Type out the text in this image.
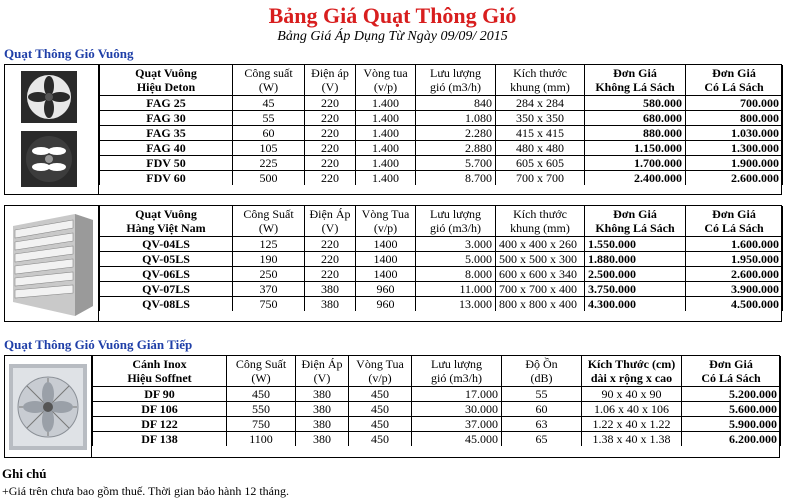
Bảng Giá Quạt Thông Gió
Bảng Giá Áp Dụng Từ Ngày 09/09/ 2015
Quạt Thông Gió Vuông
Quạt Vuông	Công suất	Điện áp	Vòng tua	Lưu lượng	Kích thước	Đơn Giá	Đơn Giá
Hiệu Deton	(W)	(V)	(v/p)	gió (m3/h)	khung (mm)	Không Lá Sách	Có Lá Sách
FAG 25	45	220	1.400	840	284 x 284	580.000	700.000
FAG 30	55	220	1.400	1.080	350 x 350	680.000	800.000
FAG 35	60	220	1.400	2.280	415 x 415	880.000	1.030.000
FAG 40	105	220	1.400	2.880	480 x 480	1.150.000	1.300.000
FDV 50	225	220	1.400	5.700	605 x 605	1.700.000	1.900.000
FDV 60	500	220	1.400	8.700	700 x 700	2.400.000	2.600.000
Quạt Vuông	Công Suất	Điện Áp	Vòng Tua	Lưu lượng	Kích thước	Đơn Giá	Đơn Giá
Hàng Việt Nam	(W)	(V)	(v/p)	gió (m3/h)	khung (mm)	Không Lá Sách	Có Lá Sách
QV-04LS	125	220	1400	3.000	400 x 400 x 260	1.550.000	1.600.000
QV-05LS	190	220	1400	5.000	500 x 500 x 300	1.880.000	1.950.000
QV-06LS	250	220	1400	8.000	600 x 600 x 340	2.500.000	2.600.000
QV-07LS	370	380	960	11.000	700 x 700 x 400	3.750.000	3.900.000
QV-08LS	750	380	960	13.000	800 x 800 x 400	4.300.000	4.500.000
Quạt Thông Gió Vuông Gián Tiếp
Cánh Inox	Công Suất	Điện Áp	Vòng Tua	Lưu lượng	Độ Ồn	Kích Thước (cm)	Đơn Giá
Hiệu Soffnet	(W)	(V)	(v/p)	gió (m3/h)	(dB)	dài x rộng x cao	Có Lá Sách
DF 90	450	380	450	17.000	55	90 x 40 x 90	5.200.000
DF 106	550	380	450	30.000	60	1.06 x 40 x 106	5.600.000
DF 122	750	380	450	37.000	63	1.22 x 40 x 1.22	5.900.000
DF 138	1100	380	450	45.000	65	1.38 x 40 x 1.38	6.200.000
Ghi chú
+Giá trên chưa bao gồm thuế. Thời gian bảo hành 12 tháng.
